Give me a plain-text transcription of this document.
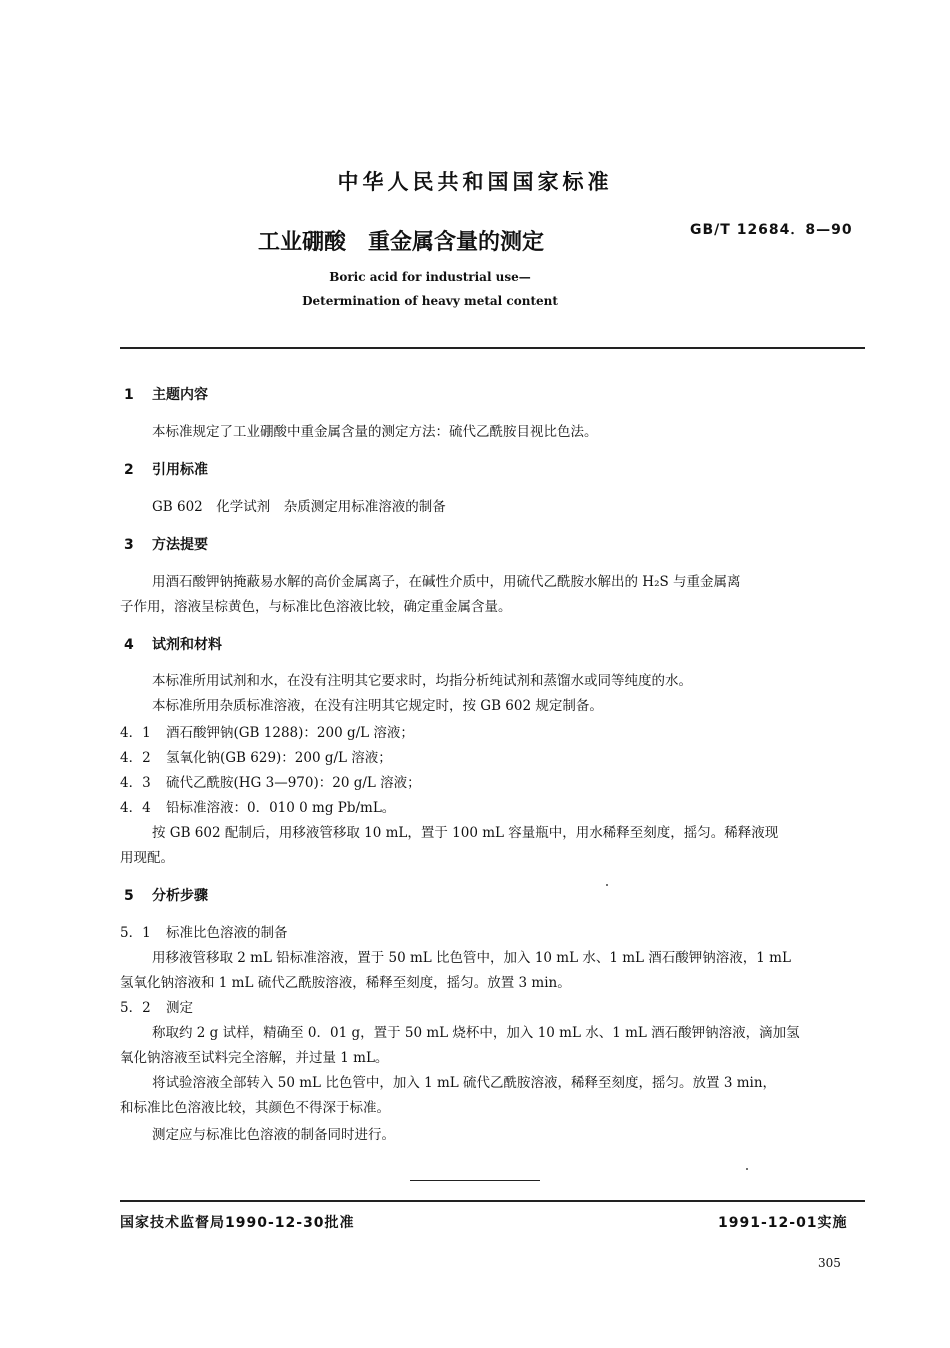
中华人民共和国国家标准
工业硼酸　重金属含量的测定	GB/T 12684．8—90
Boric acid for industrial use—
Determination of heavy metal content
1 主题内容
本标准规定了工业硼酸中重金属含量的测定方法：硫代乙酰胺目视比色法。
2 引用标准
GB 602　化学试剂　杂质测定用标准溶液的制备
3 方法提要
用酒石酸钾钠掩蔽易水解的高价金属离子，在碱性介质中，用硫代乙酰胺水解出的 H₂S 与重金属离
子作用，溶液呈棕黄色，与标准比色溶液比较，确定重金属含量。
4 试剂和材料
本标准所用试剂和水，在没有注明其它要求时，均指分析纯试剂和蒸馏水或同等纯度的水。
本标准所用杂质标准溶液，在没有注明其它规定时，按 GB 602 规定制备。
4．1 酒石酸钾钠(GB 1288)：200 g/L 溶液；
4．2 氢氧化钠(GB 629)：200 g/L 溶液；
4．3 硫代乙酰胺(HG 3—970)：20 g/L 溶液；
4．4 铅标准溶液：0．010 0 mg Pb/mL。
按 GB 602 配制后，用移液管移取 10 mL，置于 100 mL 容量瓶中，用水稀释至刻度，摇匀。稀释液现
用现配。
5 分析步骤
5．1 标准比色溶液的制备
用移液管移取 2 mL 铅标准溶液，置于 50 mL 比色管中，加入 10 mL 水、1 mL 酒石酸钾钠溶液，1 mL
氢氧化钠溶液和 1 mL 硫代乙酰胺溶液，稀释至刻度，摇匀。放置 3 min。
5．2 测定
称取约 2 g 试样，精确至 0．01 g，置于 50 mL 烧杯中，加入 10 mL 水、1 mL 酒石酸钾钠溶液，滴加氢
氧化钠溶液至试料完全溶解，并过量 1 mL。
将试验溶液全部转入 50 mL 比色管中，加入 1 mL 硫代乙酰胺溶液，稀释至刻度，摇匀。放置 3 min，
和标准比色溶液比较，其颜色不得深于标准。
测定应与标准比色溶液的制备同时进行。
国家技术监督局1990-12-30批准	1991-12-01实施
305
